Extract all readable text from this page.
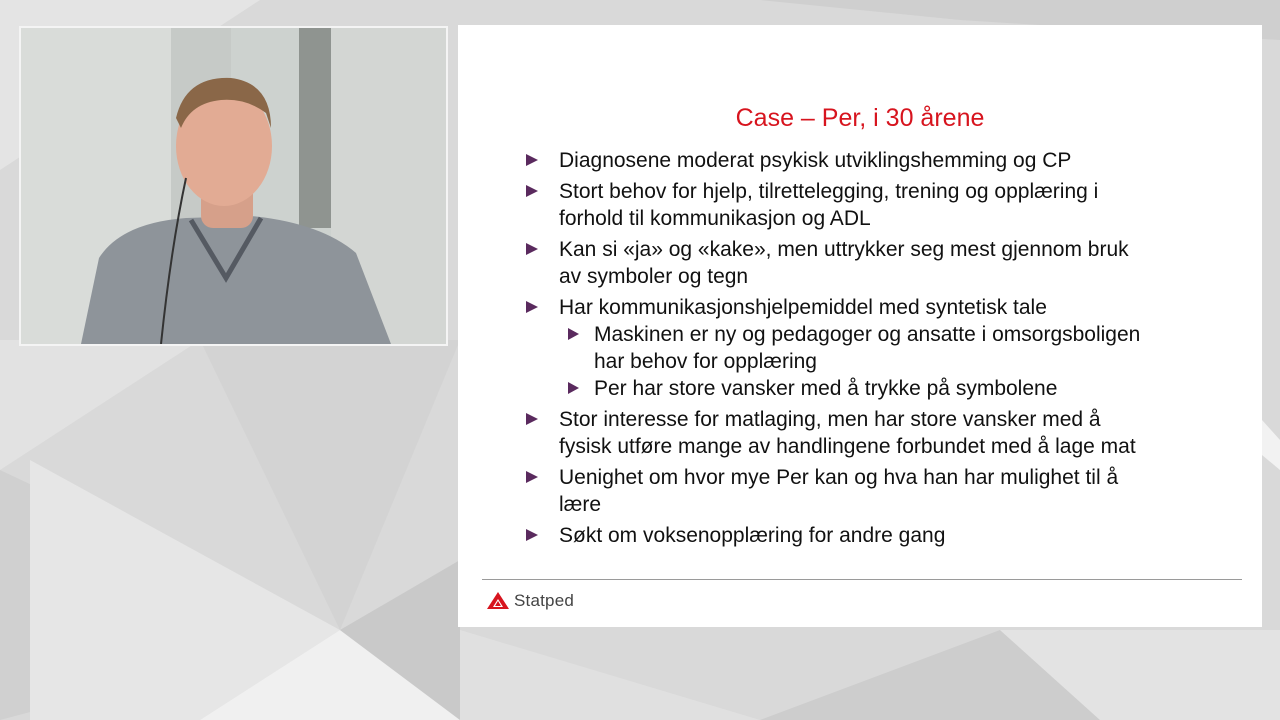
Case – Per, i 30 årene
Diagnosene moderat psykisk utviklingshemming og CP
Stort behov for hjelp, tilrettelegging, trening og opplæring i
forhold til kommunikasjon og ADL
Kan si «ja» og «kake», men uttrykker seg mest gjennom bruk
av symboler og tegn
Har kommunikasjonshjelpemiddel med syntetisk tale
Maskinen er ny og pedagoger og ansatte i omsorgsboligen
har behov for opplæring
Per har store vansker med å trykke på symbolene
Stor interesse for matlaging, men har store vansker med å
fysisk utføre mange av handlingene forbundet med å lage mat
Uenighet om hvor mye Per kan og hva han har mulighet til å
lære
Søkt om voksenopplæring for andre gang
Statped
